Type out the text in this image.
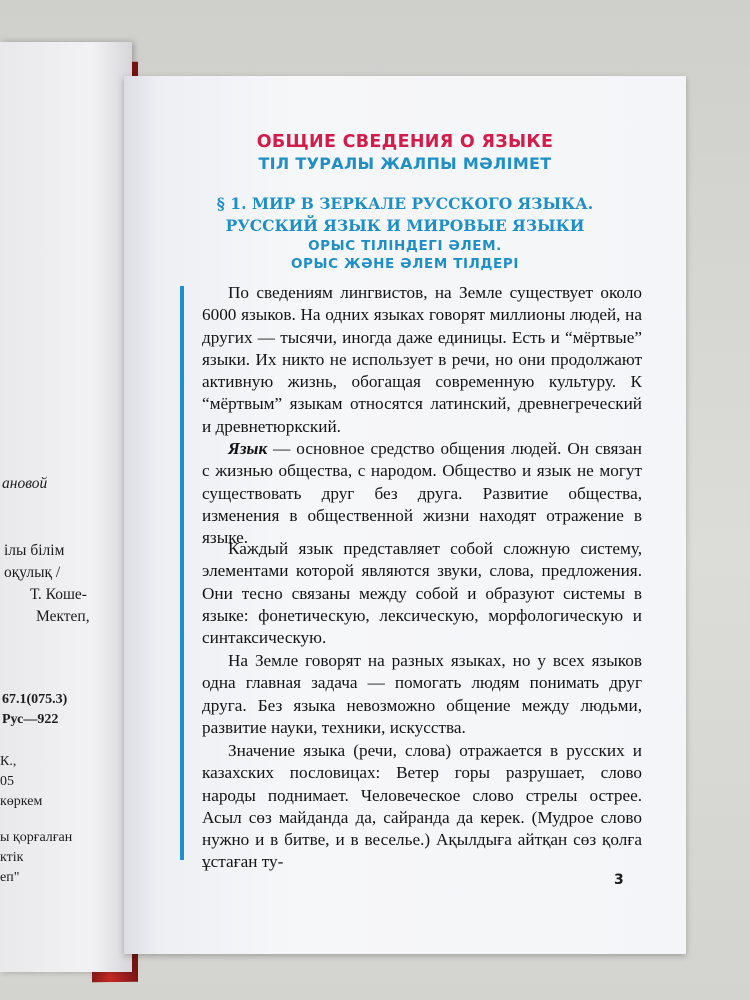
ановой
ілы білім
оқулық /
Т. Коше-
Мектеп,
67.1(075.3)
Рус—922
К.,
05
көркем
ы қорғалған
ктік
еп"
ОБЩИЕ СВЕДЕНИЯ О ЯЗЫКЕ
ТІЛ ТУРАЛЫ ЖАЛПЫ МӘЛІМЕТ
§ 1. МИР В ЗЕРКАЛЕ РУССКОГО ЯЗЫКА.
РУССКИЙ ЯЗЫК И МИРОВЫЕ ЯЗЫКИ
ОРЫС ТІЛІНДЕГІ ӘЛЕМ.
ОРЫС ЖӘНЕ ӘЛЕМ ТІЛДЕРІ

По сведениям лингвистов, на Земле существует около 6000 языков. На одних языках говорят миллионы людей, на других — тысячи, иногда даже единицы. Есть и “мёртвые” языки. Их никто не использует в речи, но они продолжают активную жизнь, обогащая современную культуру. К “мёртвым” языкам относятся латинский, древнегреческий и древнетюркский.

Язык — основное средство общения людей. Он связан с жизнью общества, с народом. Общество и язык не могут существовать друг без друга. Развитие общества, изменения в общественной жизни находят отражение в языке.

Каждый язык представляет собой сложную систему, элементами которой являются звуки, слова, предложения. Они тесно связаны между собой и образуют системы в языке: фонетическую, лексическую, морфологическую и синтаксическую.

На Земле говорят на разных языках, но у всех языков одна главная задача — помогать людям понимать друг друга. Без языка невозможно общение между людьми, развитие науки, техники, искусства.

Значение языка (речи, слова) отражается в русских и казахских пословицах: Ветер горы разрушает, слово народы поднимает. Человеческое слово стрелы острее. Асыл сөз майданда да, сайранда да керек. (Мудрое слово нужно и в битве, и в веселье.) Ақылдыға айтқан сөз қолға ұстаған ту-

3
